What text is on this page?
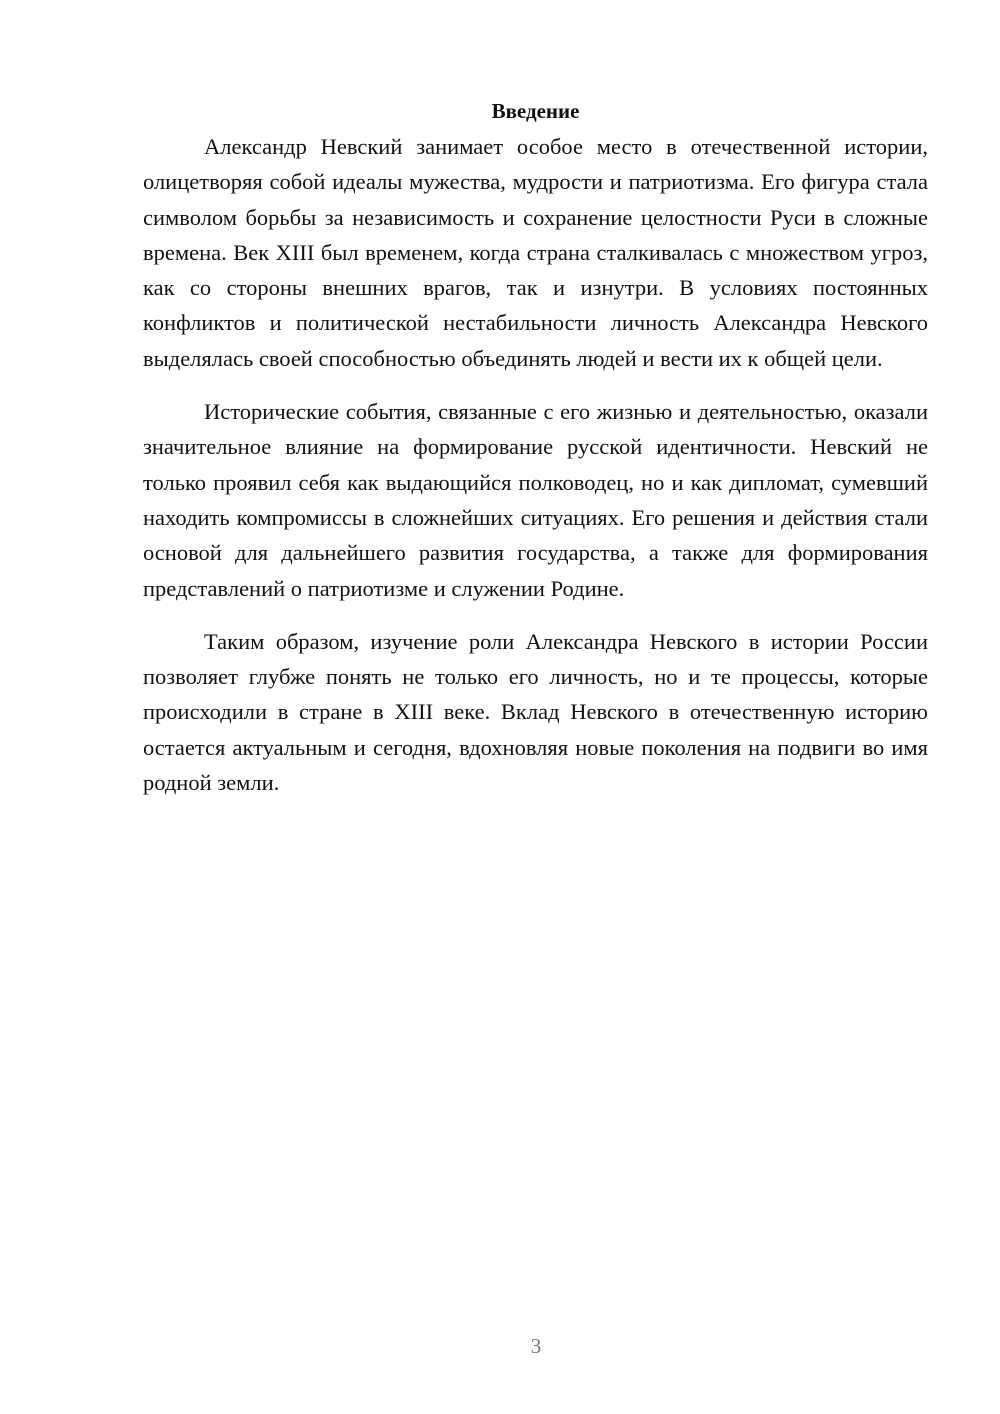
Введение

Александр Невский занимает особое место в отечественной истории, олицетворяя собой идеалы мужества, мудрости и патриотизма. Его фигура стала символом борьбы за независимость и сохранение целостности Руси в сложные времена. Век XIII был временем, когда страна сталкивалась с множеством угроз, как со стороны внешних врагов, так и изнутри. В условиях постоянных конфликтов и политической нестабильности личность Александра Невского выделялась своей способностью объединять людей и вести их к общей цели.

Исторические события, связанные с его жизнью и деятельностью, оказали значительное влияние на формирование русской идентичности. Невский не только проявил себя как выдающийся полководец, но и как дипломат, сумевший находить компромиссы в сложнейших ситуациях. Его решения и действия стали основой для дальнейшего развития государства, а также для формирования представлений о патриотизме и служении Родине.

Таким образом, изучение роли Александра Невского в истории России позволяет глубже понять не только его личность, но и те процессы, которые происходили в стране в XIII веке. Вклад Невского в отечественную историю остается актуальным и сегодня, вдохновляя новые поколения на подвиги во имя родной земли.

3
